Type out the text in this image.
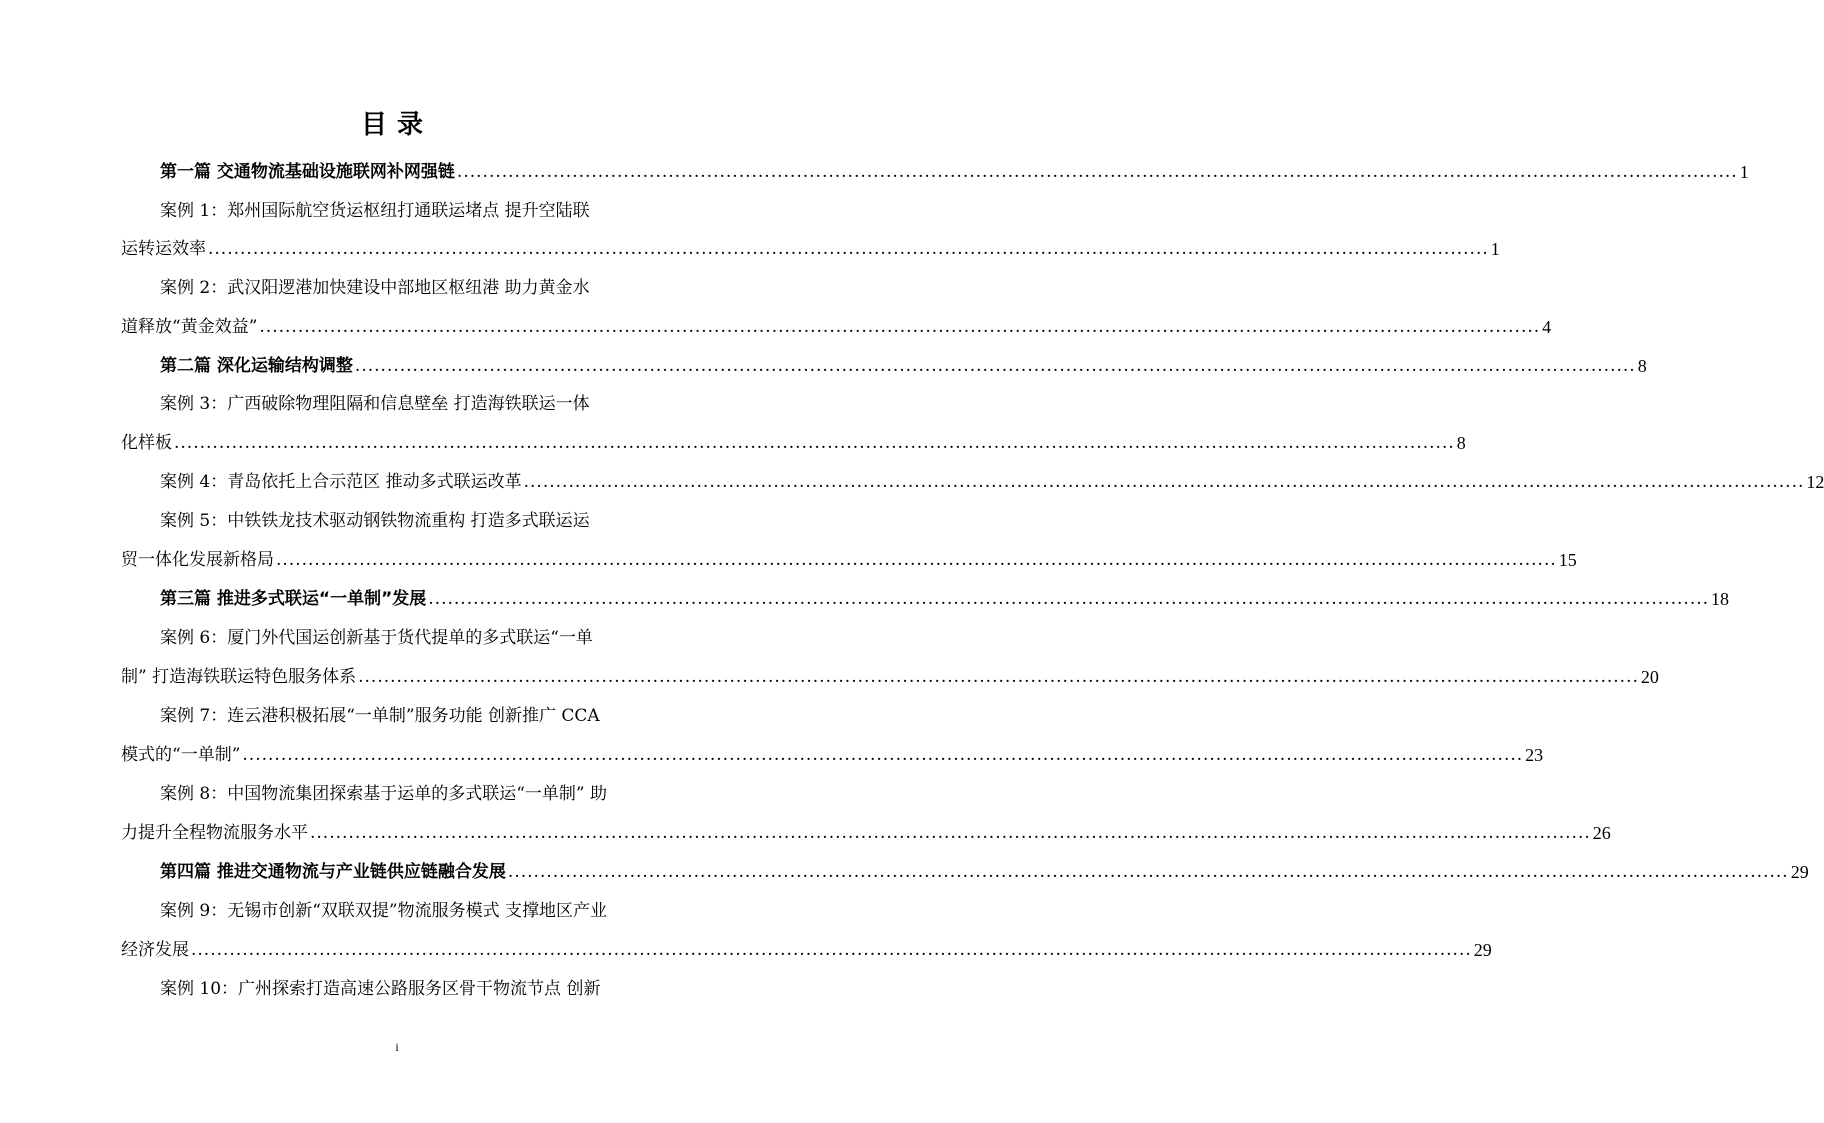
目录
第一篇 交通物流基础设施联网补网强链 ........................................................................................................................................................................................................ 1
案例 1：郑州国际航空货运枢纽打通联运堵点 提升空陆联
运转运效率 ........................................................................................................................................................................................................ 1
案例 2：武汉阳逻港加快建设中部地区枢纽港 助力黄金水
道释放“黄金效益” ........................................................................................................................................................................................................ 4
第二篇 深化运输结构调整 ........................................................................................................................................................................................................ 8
案例 3：广西破除物理阻隔和信息壁垒 打造海铁联运一体
化样板 ........................................................................................................................................................................................................ 8
案例 4：青岛依托上合示范区 推动多式联运改革 ........................................................................................................................................................................................................ 12
案例 5：中铁铁龙技术驱动钢铁物流重构 打造多式联运运
贸一体化发展新格局 ........................................................................................................................................................................................................ 15
第三篇 推进多式联运“一单制”发展 ........................................................................................................................................................................................................ 18
案例 6：厦门外代国运创新基于货代提单的多式联运“一单
制” 打造海铁联运特色服务体系 ........................................................................................................................................................................................................ 20
案例 7：连云港积极拓展“一单制”服务功能 创新推广 CCA
模式的“一单制” ........................................................................................................................................................................................................ 23
案例 8：中国物流集团探索基于运单的多式联运“一单制” 助
力提升全程物流服务水平 ........................................................................................................................................................................................................ 26
第四篇 推进交通物流与产业链供应链融合发展 ........................................................................................................................................................................................................ 29
案例 9：无锡市创新“双联双提”物流服务模式 支撑地区产业
经济发展 ........................................................................................................................................................................................................ 29
案例 10：广州探索打造高速公路服务区骨干物流节点 创新
i
